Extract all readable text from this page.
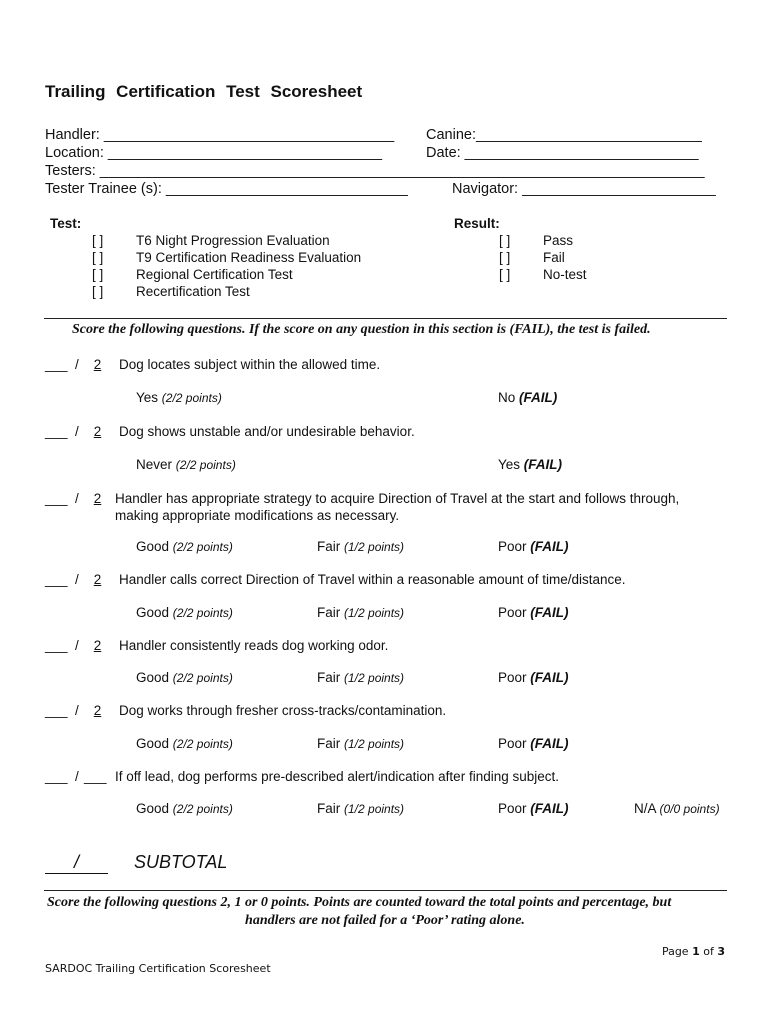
Trailing Certification Test Scoresheet
Handler: ____________________________________ Canine:____________________________
Location: __________________________________	Date: _____________________________
Testers: ___________________________________________________________________________
Tester Trainee (s): ______________________________	Navigator: ________________________
Test:
[ ] T6 Night Progression Evaluation
[ ] T9 Certification Readiness Evaluation
[ ] Regional Certification Test
[ ] Recertification Test
Result:
[ ] Pass
[ ] Fail
[ ] No-test
Score the following questions. If the score on any question in this section is (FAIL), the test is failed.
___ /	2	Dog locates subject within the allowed time.
Yes (2/2 points)	No (FAIL)
___ /	2	Dog shows unstable and/or undesirable behavior.
Never (2/2 points)	Yes (FAIL)
___ /	2	Handler has appropriate strategy to acquire Direction of Travel at the start and follows through,
making appropriate modifications as necessary.
Good (2/2 points)	Fair (1/2 points)	Poor (FAIL)
___ /	2	Handler calls correct Direction of Travel within a reasonable amount of time/distance.
Good (2/2 points)	Fair (1/2 points)	Poor (FAIL)
___ /	2	Handler consistently reads dog working odor.
Good (2/2 points)	Fair (1/2 points)	Poor (FAIL)
___ /	2	Dog works through fresher cross-tracks/contamination.
Good (2/2 points)	Fair (1/2 points)	Poor (FAIL)
___ / ___ If off lead, dog performs pre-described alert/indication after finding subject.
Good (2/2 points)	Fair (1/2 points)	Poor (FAIL)	N/A (0/0 points)
/	SUBTOTAL
Score the following questions 2, 1 or 0 points. Points are counted toward the total points and percentage, but
handlers are not failed for a ‘Poor’ rating alone.
Page 1 of 3
SARDOC Trailing Certification Scoresheet
